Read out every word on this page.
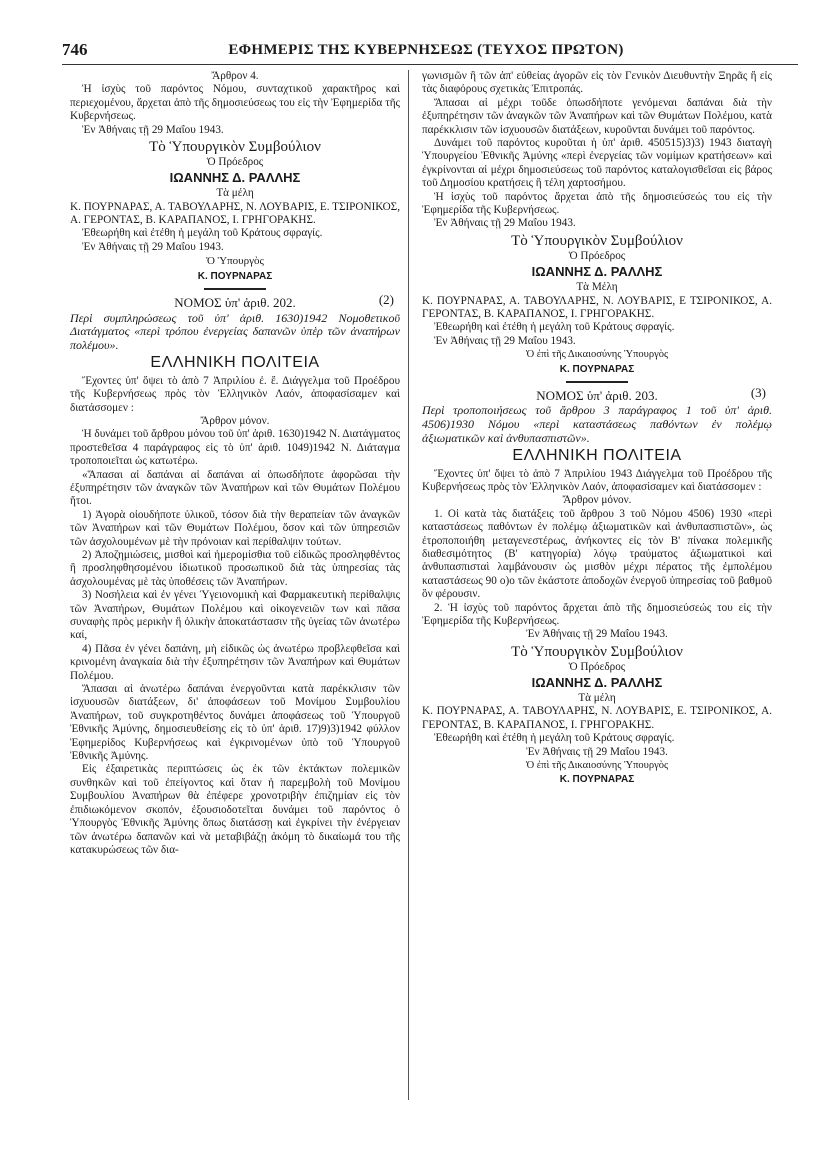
746	ΕΦΗΜΕΡΙΣ ΤΗΣ ΚΥΒΕΡΝΗΣΕΩΣ (ΤΕΥΧΟΣ ΠΡΩΤΟΝ)

Ἄρθρον 4.

Ἡ ἰσχὺς τοῦ παρόντος Νόμου, συνταχτικοῦ χαρακτῆρος καὶ περιεχομένου, ἄρχεται ἀπὸ τῆς δημοσιεύσεως του εἰς τὴν Ἐφημερίδα τῆς Κυβερνήσεως.

Ἐν Ἀθήναις τῇ 29 Μαΐου 1943.

Τὸ Ὑπουργικὸν Συμβούλιον

Ὁ Πρόεδρος

ΙΩΑΝΝΗΣ Δ. ΡΑΛΛΗΣ

Τὰ μέλη

Κ. ΠΟΥΡΝΑΡΑΣ, Α. ΤΑΒΟΥΛΑΡΗΣ, Ν. ΛΟΥΒΑΡΙΣ, Ε. ΤΣΙΡΟΝΙΚΟΣ, Α. ΓΕΡΟΝΤΑΣ, Β. ΚΑΡΑΠΑΝΟΣ, Ι. ΓΡΗΓΟΡΑΚΗΣ.

Ἐθεωρήθη καὶ ἐτέθη ἡ μεγάλη τοῦ Κράτους σφραγίς.

Ἐν Ἀθήναις τῇ 29 Μαΐου 1943.

Ὁ Ὑπουργὸς
Κ. ΠΟΥΡΝΑΡΑΣ
ΝΟΜΟΣ ὑπ' ἀριθ. 202.	(2)

Περὶ συμπληρώσεως τοῦ ὑπ' ἀριθ. 1630)1942 Νομοθετικοῦ Διατάγματος «περὶ τρόπου ἐνεργείας δαπανῶν ὑπὲρ τῶν ἀναπήρων πολέμου».

ΕΛΛΗΝΙΚΗ ΠΟΛΙΤΕΙΑ

Ἔχοντες ὑπ' ὄψει τὸ ἀπὸ 7 Ἀπριλίου ἐ. ἔ. Διάγγελμα τοῦ Προέδρου τῆς Κυβερνήσεως πρὸς τὸν Ἑλληνικὸν Λαόν, ἀποφασίσαμεν καὶ διατάσσομεν :

Ἄρθρον μόνον.

Ἡ δυνάμει τοῦ ἄρθρου μόνου τοῦ ὑπ' ἀριθ. 1630)1942 Ν. Διατάγματος προστεθεῖσα 4 παράγραφος εἰς τὸ ὑπ' ἀριθ. 1049)1942 Ν. Διάταγμα τροποποιεῖται ὡς κατωτέρω.

«Ἅπασαι αἱ δαπάναι αἱ δαπάναι αἱ ὁπωσδήποτε ἀφορῶσαι τὴν ἐξυπηρέτησιν τῶν ἀναγκῶν τῶν Ἀναπήρων καὶ τῶν Θυμάτων Πολέμου ἤτοι.

1) Ἀγορὰ οἱουδήποτε ὑλικοῦ, τόσον διὰ τὴν θεραπείαν τῶν ἀναγκῶν τῶν Ἀναπήρων καὶ τῶν Θυμάτων Πολέμου, ὅσον καὶ τῶν ὑπηρεσιῶν τῶν ἀσχολουμένων μὲ τὴν πρόνοιαν καὶ περίθαλψιν τούτων.

2) Ἀποζημιώσεις, μισθοὶ καὶ ἡμερομίσθια τοῦ εἰδικῶς προσληφθέντος ἢ προσληφθησομένου ἰδιωτικοῦ προσωπικοῦ διὰ τὰς ὑπηρεσίας τὰς ἀσχολουμένας μὲ τὰς ὑποθέσεις τῶν Ἀναπήρων.

3) Νοσήλεια καὶ ἐν γένει Ὑγειονομικὴ καὶ Φαρμακευτικὴ περίθαλψις τῶν Ἀναπήρων, Θυμάτων Πολέμου καὶ οἰκογενειῶν των καὶ πᾶσα συναφὴς πρὸς μερικὴν ἢ ὁλικὴν ἀποκατάστασιν τῆς ὑγείας τῶν ἀνωτέρω καί,

4) Πᾶσα ἐν γένει δαπάνη, μὴ εἰδικῶς ὡς ἀνωτέρω προβλεφθεῖσα καὶ κρινομένη ἀναγκαία διὰ τὴν ἐξυπηρέτησιν τῶν Ἀναπήρων καὶ Θυμάτων Πολέμου.

Ἅπασαι αἱ ἀνωτέρω δαπάναι ἐνεργοῦνται κατὰ παρέκκλισιν τῶν ἰσχυουσῶν διατάξεων, δι' ἀποφάσεων τοῦ Μονίμου Συμβουλίου Ἀναπήρων, τοῦ συγκροτηθέντος δυνάμει ἀποφάσεως τοῦ Ὑπουργοῦ Ἐθνικῆς Ἀμύνης, δημοσιευθείσης εἰς τὸ ὑπ' ἀριθ. 17)9)3)1942 φύλλον Ἐφημερίδος Κυβερνήσεως καὶ ἐγκρινομένων ὑπὸ τοῦ Ὑπουργοῦ Ἐθνικῆς Ἀμύνης.

Εἰς ἐξαιρετικὰς περιπτώσεις ὡς ἐκ τῶν ἐκτάκτων πολεμικῶν συνθηκῶν καὶ τοῦ ἐπείγοντος καὶ ὅταν ἡ παρεμβολὴ τοῦ Μονίμου Συμβουλίου Ἀναπήρων θὰ ἐπέφερε χρονοτριβὴν ἐπιζημίαν εἰς τὸν ἐπιδιωκόμενον σκοπόν, ἐξουσιοδοτεῖται δυνάμει τοῦ παρόντος ὁ Ὑπουργὸς Ἐθνικῆς Ἀμύνης ὅπως διατάσσῃ καὶ ἐγκρίνει τὴν ἐνέργειαν τῶν ἀνωτέρω δαπανῶν καὶ νὰ μεταβιβάζῃ ἀκόμη τὸ δικαίωμά του τῆς κατακυρώσεως τῶν δια-

γωνισμῶν ἢ τῶν ἀπ' εὐθείας ἀγορῶν εἰς τὸν Γενικὸν Διευθυντὴν Ξηρᾶς ἢ εἰς τὰς διαφόρους σχετικὰς Ἐπιτροπάς.

Ἅπασαι αἱ μέχρι τοῦδε ὁπωσδήποτε γενόμεναι δαπάναι διὰ τὴν ἐξυπηρέτησιν τῶν ἀναγκῶν τῶν Ἀναπήρων καὶ τῶν Θυμάτων Πολέμου, κατὰ παρέκκλισιν τῶν ἰσχυουσῶν διατάξεων, κυροῦνται δυνάμει τοῦ παρόντος.

Δυνάμει τοῦ παρόντος κυροῦται ἡ ὑπ' ἀριθ. 450515)3)3) 1943 διαταγὴ Ὑπουργείου Ἐθνικῆς Ἀμύνης «περὶ ἐνεργείας τῶν νομίμων κρατήσεων» καὶ ἐγκρίνονται αἱ μέχρι δημοσιεύσεως τοῦ παρόντος καταλογισθεῖσαι εἰς βάρος τοῦ Δημοσίου κρατήσεις ἢ τέλη χαρτοσήμου.

Ἡ ἰσχὺς τοῦ παρόντος ἄρχεται ἀπὸ τῆς δημοσιεύσεώς του εἰς τὴν Ἐφημερίδα τῆς Κυβερνήσεως.

Ἐν Ἀθήναις τῇ 29 Μαΐου 1943.

Τὸ Ὑπουργικὸν Συμβούλιον

Ὁ Πρόεδρος

ΙΩΑΝΝΗΣ Δ. ΡΑΛΛΗΣ

Τὰ Μέλη

Κ. ΠΟΥΡΝΑΡΑΣ, Α. ΤΑΒΟΥΛΑΡΗΣ, Ν. ΛΟΥΒΑΡΙΣ, Ε ΤΣΙΡΟΝΙΚΟΣ, Α. ΓΕΡΟΝΤΑΣ, Β. ΚΑΡΑΠΑΝΟΣ, Ι. ΓΡΗΓΟΡΑΚΗΣ.

Ἐθεωρήθη καὶ ἐτέθη ἡ μεγάλη τοῦ Κράτους σφραγίς.

Ἐν Ἀθήναις τῇ 29 Μαΐου 1943.

Ὁ ἐπὶ τῆς Δικαιοσύνης Ὑπουργὸς

Κ. ΠΟΥΡΝΑΡΑΣ
ΝΟΜΟΣ ὑπ' ἀριθ. 203.	(3)

Περὶ τροποποιήσεως τοῦ ἄρθρου 3 παράγραφος 1 τοῦ ὑπ' ἀριθ. 4506)1930 Νόμου «περὶ καταστάσεως παθόντων ἐν πολέμῳ ἀξιωματικῶν καὶ ἀνθυπασπιστῶν».

ΕΛΛΗΝΙΚΗ ΠΟΛΙΤΕΙΑ

Ἔχοντες ὑπ' ὄψει τὸ ἀπὸ 7 Ἀπριλίου 1943 Διάγγελμα τοῦ Προέδρου τῆς Κυβερνήσεως πρὸς τὸν Ἑλληνικὸν Λαόν, ἀποφασίσαμεν καὶ διατάσσομεν :

Ἄρθρον μόνον.

1. Οἱ κατὰ τὰς διατάξεις τοῦ ἄρθρου 3 τοῦ Νόμου 4506) 1930 «περὶ καταστάσεως παθόντων ἐν πολέμῳ ἀξιωματικῶν καὶ ἀνθυπασπιστῶν», ὡς ἐτροποποιήθη μεταγενεστέρως, ἀνήκοντες εἰς τὸν Β' πίνακα πολεμικῆς διαθεσιμότητος (Β' κατηγορία) λόγῳ τραύματος ἀξιωματικοὶ καὶ ἀνθυπασπισταὶ λαμβάνουσιν ὡς μισθὸν μέχρι πέρατος τῆς ἐμπολέμου καταστάσεως 90 ο)ο τῶν ἑκάστοτε ἀποδοχῶν ἐνεργοῦ ὑπηρεσίας τοῦ βαθμοῦ ὃν φέρουσιν.

2. Ἡ ἰσχὺς τοῦ παρόντος ἄρχεται ἀπὸ τῆς δημοσιεύσεώς του εἰς τὴν Ἐφημερίδα τῆς Κυβερνήσεως.

Ἐν Ἀθήναις τῇ 29 Μαΐου 1943.

Τὸ Ὑπουργικὸν Συμβούλιον

Ὁ Πρόεδρος

ΙΩΑΝΝΗΣ Δ. ΡΑΛΛΗΣ

Τὰ μέλη

Κ. ΠΟΥΡΝΑΡΑΣ, Α. ΤΑΒΟΥΛΑΡΗΣ, Ν. ΛΟΥΒΑΡΙΣ, Ε. ΤΣΙΡΟΝΙΚΟΣ, Α. ΓΕΡΟΝΤΑΣ, Β. ΚΑΡΑΠΑΝΟΣ, Ι. ΓΡΗΓΟΡΑΚΗΣ.

Ἐθεωρήθη καὶ ἐτέθη ἡ μεγάλη τοῦ Κράτους σφραγίς.

Ἐν Ἀθήναις τῇ 29 Μαΐου 1943.

Ὁ ἐπὶ τῆς Δικαιοσύνης Ὑπουργὸς

Κ. ΠΟΥΡΝΑΡΑΣ
